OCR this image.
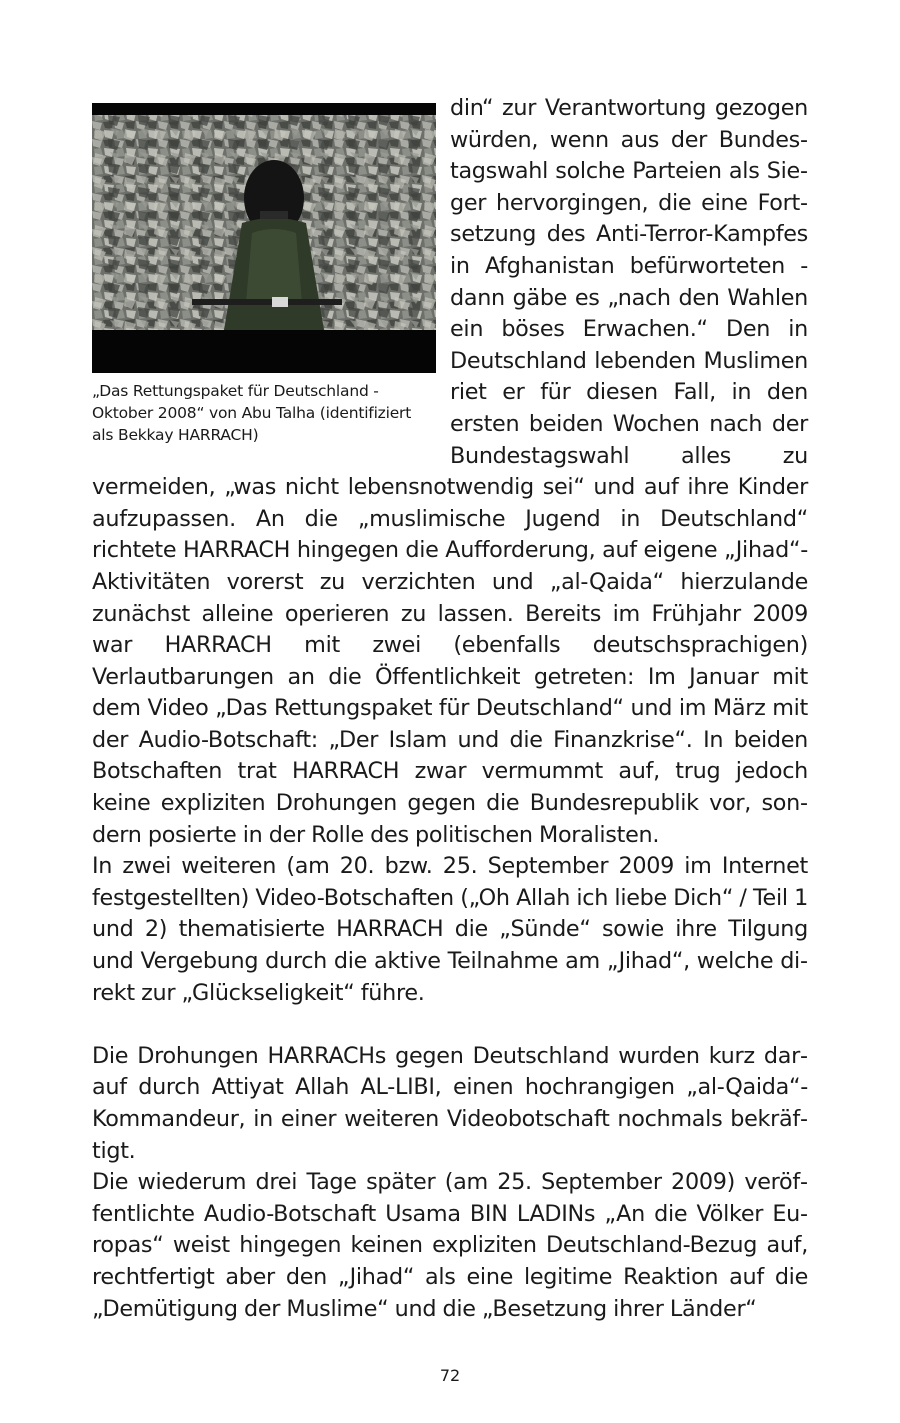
„Das Rettungspaket für Deutschland -
Oktober 2008“ von Abu Talha (identifiziert
als Bekkay HARRACH)

din“ zur Verantwortung gezogen würden, wenn aus der Bundestagswahl solche Parteien als Sieger hervorgingen, die eine Fortsetzung des Anti-Terror-Kampfes in Afghanistan befürworteten - dann gäbe es „nach den Wahlen ein böses Erwachen.“ Den in Deutschland lebenden Muslimen riet er für diesen Fall, in den ersten beiden Wochen nach der Bundestagswahl alles zu vermeiden, „was nicht lebensnotwendig sei“ und auf ihre Kinder aufzupassen. An die „muslimische Jugend in Deutschland“ richtete HARRACH hingegen die Aufforderung, auf eigene „Jihad“-Aktivitäten vorerst zu verzichten und „al-Qaida“ hierzulande zunächst alleine operieren zu lassen. Bereits im Frühjahr 2009 war HARRACH mit zwei (ebenfalls deutschsprachigen) Verlautbarungen an die Öffentlichkeit getreten: Im Januar mit dem Video „Das Rettungspaket für Deutschland“ und im März mit der Audio-Botschaft: „Der Islam und die Finanzkrise“. In beiden Botschaften trat HARRACH zwar vermummt auf, trug jedoch keine expliziten Drohungen gegen die Bundesrepublik vor, sondern posierte in der Rolle des politischen Moralisten.

In zwei weiteren (am 20. bzw. 25. September 2009 im Internet festgestellten) Video-Botschaften („Oh Allah ich liebe Dich“ / Teil 1 und 2) thematisierte HARRACH die „Sünde“ sowie ihre Tilgung und Vergebung durch die aktive Teilnahme am „Jihad“, welche direkt zur „Glückseligkeit“ führe.

Die Drohungen HARRACHs gegen Deutschland wurden kurz darauf durch Attiyat Allah AL-LIBI, einen hochrangigen „al-Qaida“-Kommandeur, in einer weiteren Videobotschaft nochmals bekräftigt.

Die wiederum drei Tage später (am 25. September 2009) veröffentlichte Audio-Botschaft Usama BIN LADINs „An die Völker Europas“ weist hingegen keinen expliziten Deutschland-Bezug auf, rechtfertigt aber den „Jihad“ als eine legitime Reaktion auf die „Demütigung der Muslime“ und die „Besetzung ihrer Länder“

72
